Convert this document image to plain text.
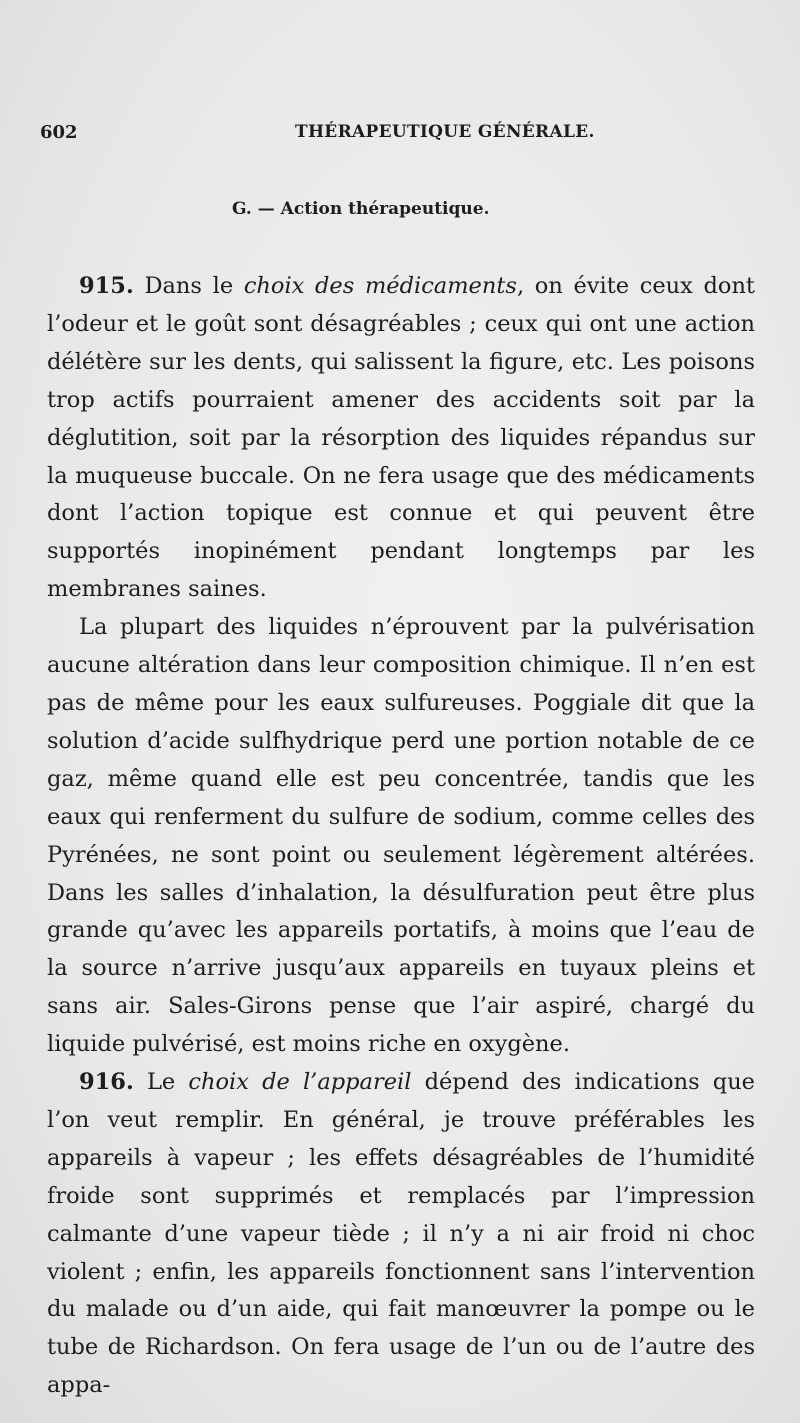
602	THÉRAPEUTIQUE GÉNÉRALE.
G. — Action thérapeutique.

915. Dans le choix des médicaments, on évite ceux dont l’odeur et le goût sont désagréables ; ceux qui ont une action délétère sur les dents, qui salissent la figure, etc. Les poisons trop actifs pourraient amener des accidents soit par la déglutition, soit par la résorption des liquides répandus sur la muqueuse buccale. On ne fera usage que des médicaments dont l’action topique est connue et qui peuvent être supportés inopinément pendant longtemps par les membranes saines.

La plupart des liquides n’éprouvent par la pulvérisation aucune altération dans leur composition chimique. Il n’en est pas de même pour les eaux sulfureuses. Poggiale dit que la solution d’acide sulfhydrique perd une portion notable de ce gaz, même quand elle est peu concentrée, tandis que les eaux qui renferment du sulfure de sodium, comme celles des Pyrénées, ne sont point ou seulement légèrement altérées. Dans les salles d’inhalation, la désulfuration peut être plus grande qu’avec les appareils portatifs, à moins que l’eau de la source n’arrive jusqu’aux appareils en tuyaux pleins et sans air. Sales-Girons pense que l’air aspiré, chargé du liquide pulvérisé, est moins riche en oxygène.

916. Le choix de l’appareil dépend des indications que l’on veut remplir. En général, je trouve préférables les appareils à vapeur ; les effets désagréables de l’humidité froide sont supprimés et remplacés par l’impression calmante d’une vapeur tiède ; il n’y a ni air froid ni choc violent ; enfin, les appareils fonctionnent sans l’intervention du malade ou d’un aide, qui fait manœuvrer la pompe ou le tube de Richardson. On fera usage de l’un ou de l’autre des appa-
